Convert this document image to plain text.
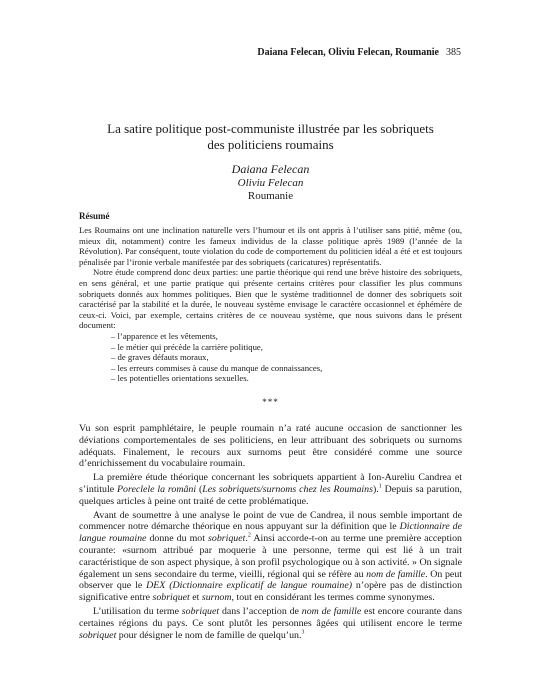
Daiana Felecan, Oliviu Felecan, Roumanie 385
La satire politique post-communiste illustrée par les sobriquets des politiciens roumains
Daiana Felecan
Oliviu Felecan
Roumanie
Résumé

Les Roumains ont une inclination naturelle vers l’humour et ils ont appris à l’utiliser sans pitié, même (ou, mieux dit, notamment) contre les fameux individus de la classe politique après 1989 (l’année de la Révolution). Par conséquent, toute violation du code de comportement du politicien idéal a été et est toujours pénalisée par l’ironie verbale manifestée par des sobriquets (caricatures) représentatifs.

Notre étude comprend donc deux parties: une partie théorique qui rend une brève histoire des sobriquets, en sens général, et une partie pratique qui présente certains critères pour classifier les plus communs sobriquets donnés aux hommes politiques. Bien que le système traditionnel de donner des sobriquets soit caractérisé par la stabilité et la durée, le nouveau système envisage le caractère occasionnel et éphémère de ceux-ci. Voici, par exemple, certains critères de ce nouveau système, que nous suivons dans le présent document:

– l’apparence et les vêtements,
– le métier qui précède la carrière politique,
– de graves défauts moraux,
– les erreurs commises à cause du manque de connaissances,
– les potentielles orientations sexuelles.
***

Vu son esprit pamphlétaire, le peuple roumain n’a raté aucune occasion de sanctionner les déviations comportementales de ses politiciens, en leur attribuant des sobriquets ou surnoms adéquats. Finalement, le recours aux surnoms peut être considéré comme une source d’enrichissement du vocabulaire roumain.

La première étude théorique concernant les sobriquets appartient à Ion-Aureliu Candrea et s’intitule Poreclele la români (Les sobriquets/surnoms chez les Roumains).$^1$ Depuis sa parution, quelques articles à peine ont traité de cette problématique.

Avant de soumettre à une analyse le point de vue de Candrea, il nous semble important de commencer notre démarche théorique en nous appuyant sur la définition que le Dictionnaire de langue roumaine donne du mot sobriquet.$^2$ Ainsi accorde-t-on au terme une première acception courante: «surnom attribué par moquerie à une personne, terme qui est lié à un trait caractéristique de son aspect physique, à son profil psychologique ou à son activité. » On signale également un sens secondaire du terme, vieilli, régional qui se réfère au nom de famille. On peut observer que le DEX (Dictionnaire explicatif de langue roumaine) n’opère pas de distinction significative entre sobriquet et surnom, tout en considérant les termes comme synonymes.

L’utilisation du terme sobriquet dans l’acception de nom de famille est encore courante dans certaines régions du pays. Ce sont plutôt les personnes âgées qui utilisent encore le terme sobriquet pour désigner le nom de famille de quelqu’un.$^3$
